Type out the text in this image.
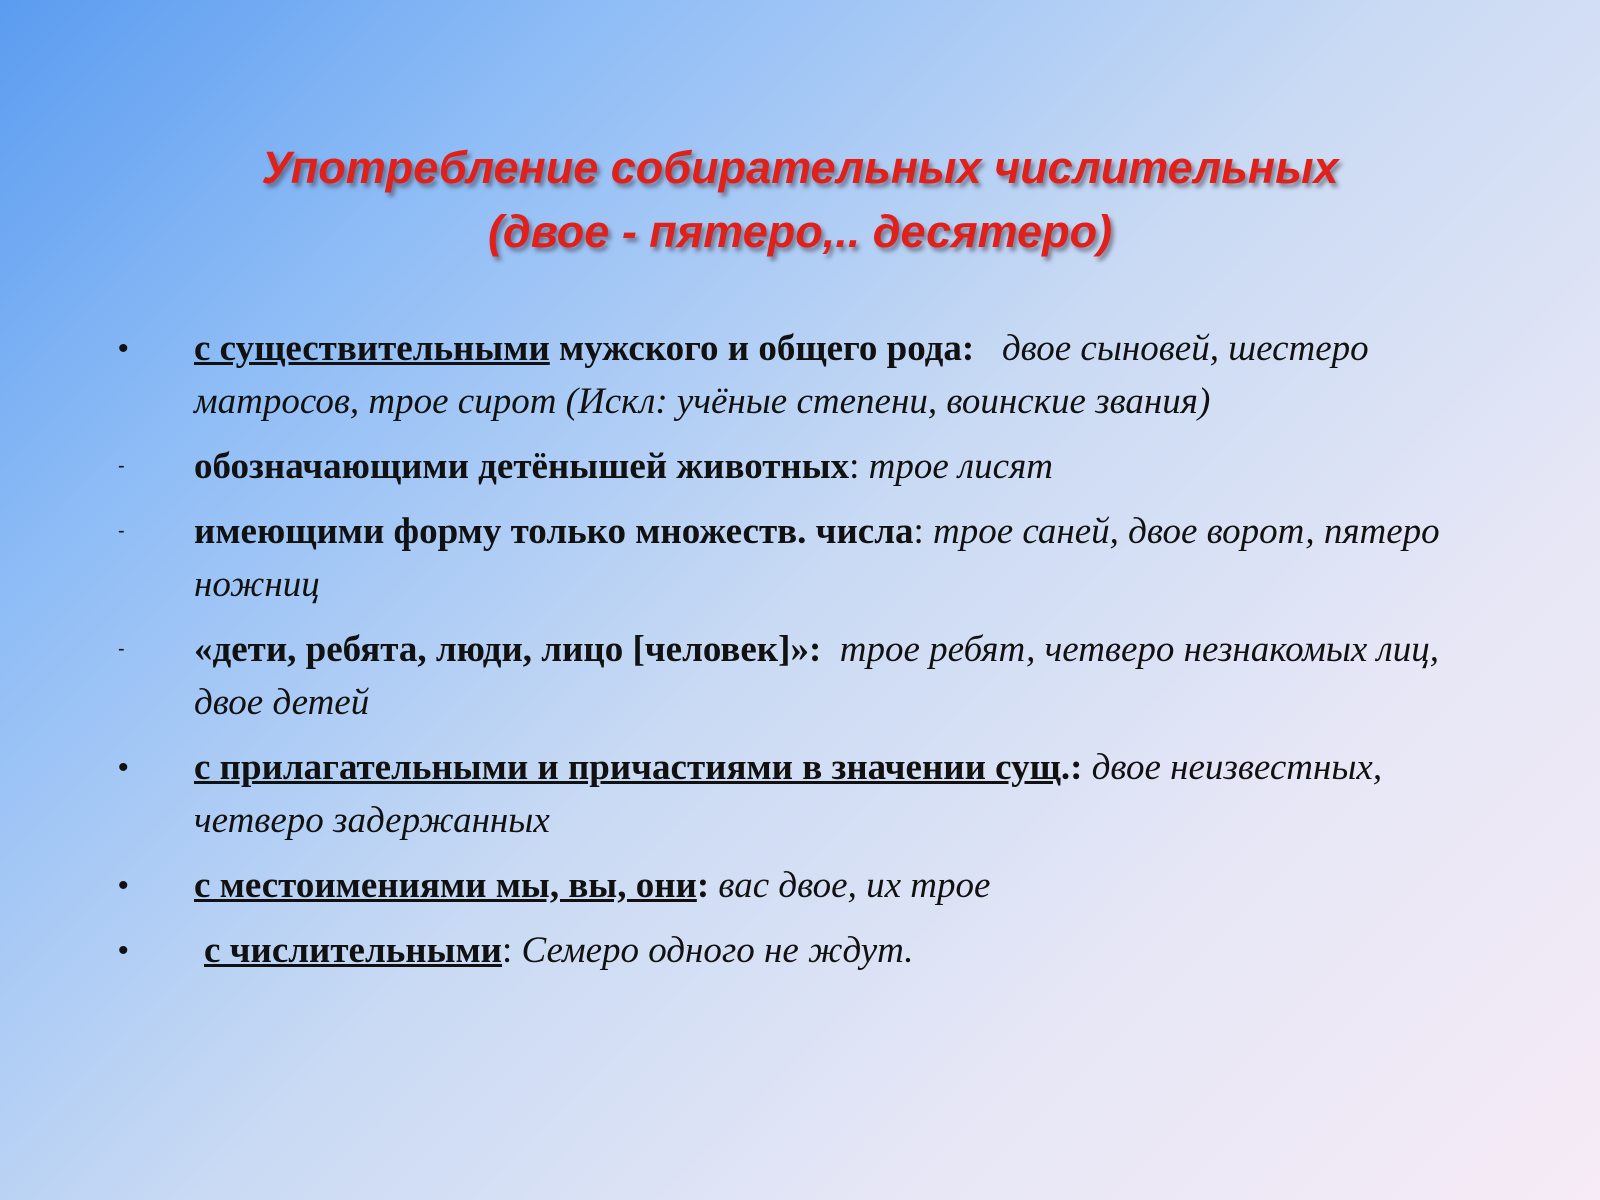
Употребление собирательных числительных
(двое - пятеро,.. десятеро)
•	с существительными мужского и общего рода: двое сыновей, шестеро матросов, трое сирот (Искл: учёные степени, воинские звания)
-	обозначающими детёнышей животных: трое лисят
-	имеющими форму только множеств. числа: трое саней, двое ворот, пятеро ножниц
-	«дети, ребята, люди, лицо [человек]»: трое ребят, четверо незнакомых лиц, двое детей
•	с прилагательными и причастиями в значении сущ.: двое неизвестных, четверо задержанных
•	с местоимениями мы, вы, они: вас двое, их трое
•	с числительными: Семеро одного не ждут.
